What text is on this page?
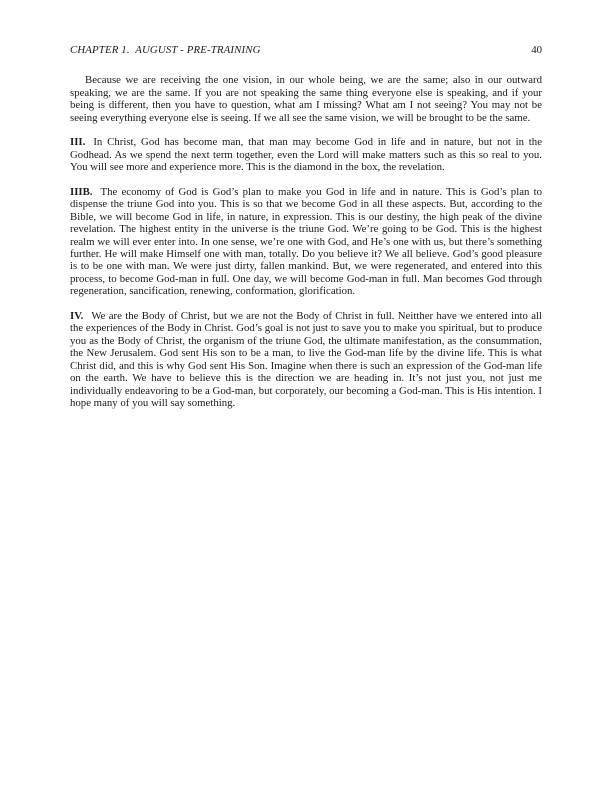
CHAPTER 1. AUGUST - PRE-TRAINING	40

Because we are receiving the one vision, in our whole being, we are the same; also in our outward speaking, we are the same. If you are not speaking the same thing everyone else is speaking, and if your being is different, then you have to question, what am I missing? What am I not seeing? You may not be seeing everything everyone else is seeing. If we all see the same vision, we will be brought to be the same.

III. In Christ, God has become man, that man may become God in life and in nature, but not in the Godhead. As we spend the next term together, even the Lord will make matters such as this so real to you. You will see more and experience more. This is the diamond in the box, the revelation.

IIIB. The economy of God is God’s plan to make you God in life and in nature. This is God’s plan to dispense the triune God into you. This is so that we become God in all these aspects. But, according to the Bible, we will become God in life, in nature, in expression. This is our destiny, the high peak of the divine revelation. The highest entity in the universe is the triune God. We’re going to be God. This is the highest realm we will ever enter into. In one sense, we’re one with God, and He’s one with us, but there’s something further. He will make Himself one with man, totally. Do you believe it? We all believe. God’s good pleasure is to be one with man. We were just dirty, fallen mankind. But, we were regenerated, and entered into this process, to become God-man in full. One day, we will become God-man in full. Man becomes God through regeneration, sancification, renewing, conformation, glorification.

IV. We are the Body of Christ, but we are not the Body of Christ in full. Neitther have we entered into all the experiences of the Body in Christ. God’s goal is not just to save you to make you spiritual, but to produce you as the Body of Christ, the organism of the triune God, the ultimate manifestation, as the consummation, the New Jerusalem. God sent His son to be a man, to live the God-man life by the divine life. This is what Christ did, and this is why God sent His Son. Imagine when there is such an expression of the God-man life on the earth. We have to believe this is the direction we are heading in. It’s not just you, not just me individually endeavoring to be a God-man, but corporately, our becoming a God-man. This is His intention. I hope many of you will say something.
